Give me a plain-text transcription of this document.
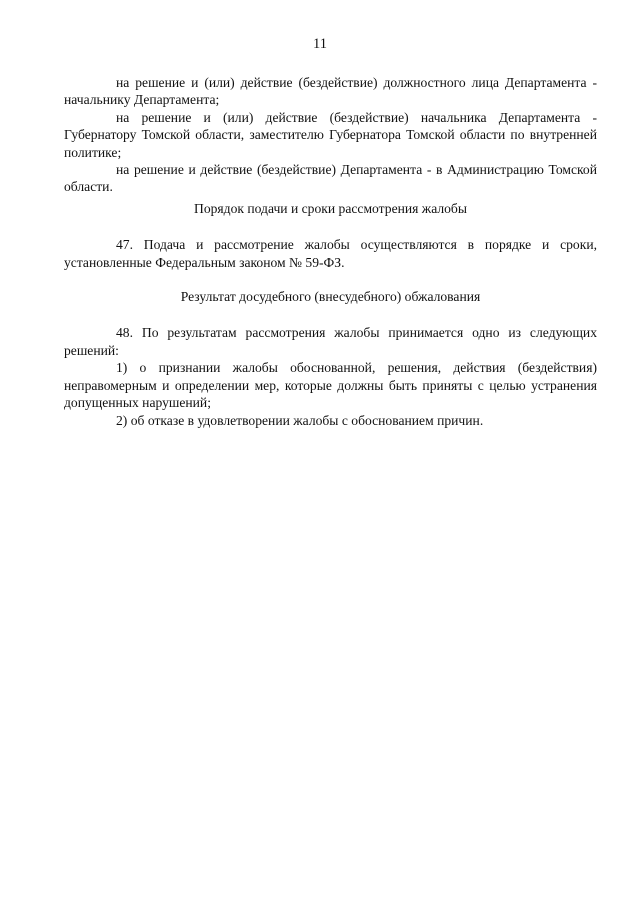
11

на решение и (или) действие (бездействие) должностного лица Департамента - начальнику Департамента;

на решение и (или) действие (бездействие) начальника Департамента - Губернатору Томской области, заместителю Губернатора Томской области по внутренней политике;

на решение и действие (бездействие) Департамента - в Администрацию Томской области.

Порядок подачи и сроки рассмотрения жалобы

47. Подача и рассмотрение жалобы осуществляются в порядке и сроки, установленные Федеральным законом № 59-ФЗ.

Результат досудебного (внесудебного) обжалования

48. По результатам рассмотрения жалобы принимается одно из следующих решений:

1) о признании жалобы обоснованной, решения, действия (бездействия) неправомерным и определении мер, которые должны быть приняты с целью устранения допущенных нарушений;

2) об отказе в удовлетворении жалобы с обоснованием причин.
